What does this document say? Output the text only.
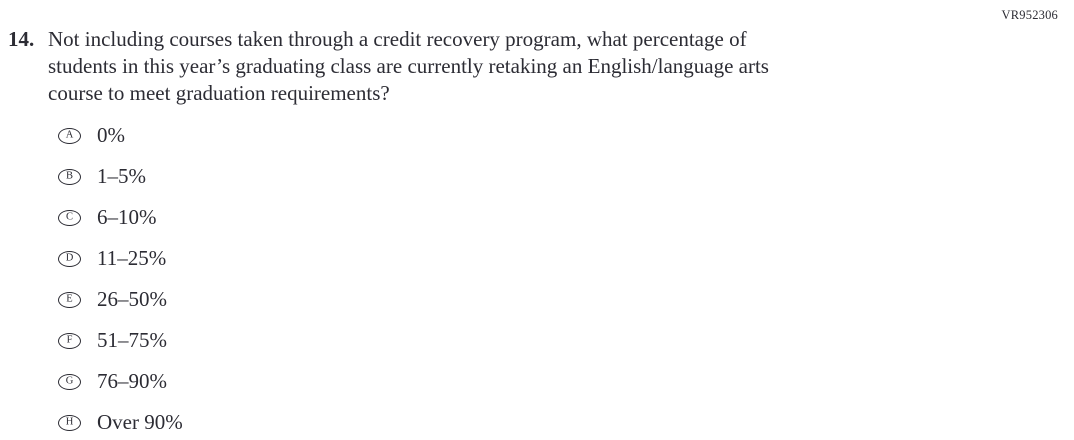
VR952306
14. Not including courses taken through a credit recovery program, what percentage of
students in this year’s graduating class are currently retaking an English/language arts
course to meet graduation requirements?
A 0%
B 1–5%
C 6–10%
D 11–25%
E 26–50%
F 51–75%
G 76–90%
H Over 90%
